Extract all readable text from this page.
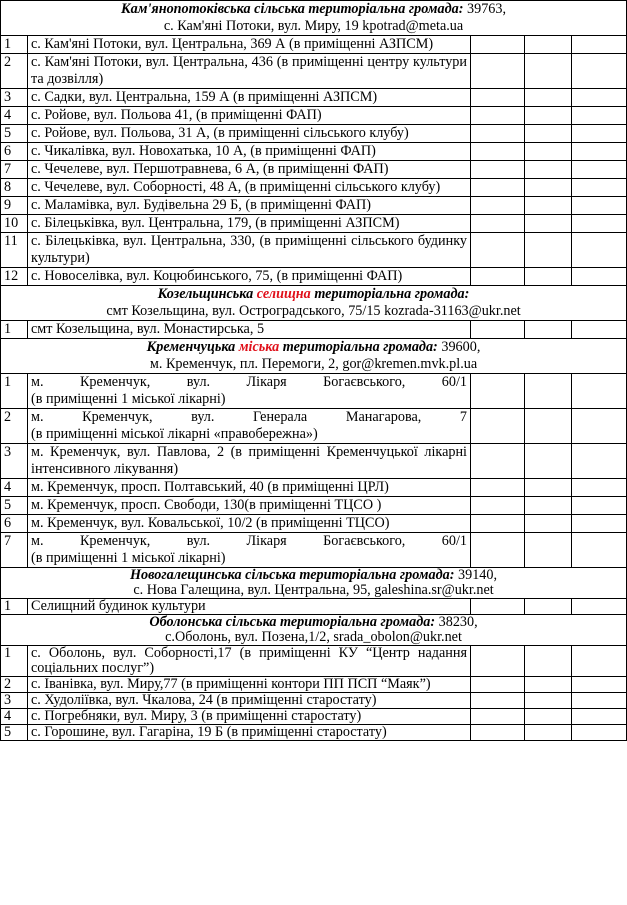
Кам'янопотоківська сільська територіальна громада: 39763,
с. Кам'яні Потоки, вул. Миру, 19 kpotrad@meta.ua				

1	с. Кам'яні Потоки, вул. Центральна, 369 А (в приміщенні АЗПСМ)			
2	с. Кам'яні Потоки, вул. Центральна, 436 (в приміщенні центру культури та дозвілля)			
3	с. Садки, вул. Центральна, 159 А (в приміщенні АЗПСМ)			
4	с. Ройове, вул. Польова 41, (в приміщенні ФАП)			
5	с. Ройове, вул. Польова, 31 А, (в приміщенні сільського клубу)			
6	с. Чикалівка, вул. Новохатька, 10 А, (в приміщенні ФАП)			
7	с. Чечелеве, вул. Першотравнева, 6 А, (в приміщенні ФАП)			
8	с. Чечелеве, вул. Соборності, 48 А, (в приміщенні сільського клубу)			
9	с. Маламівка, вул. Будівельна 29 Б, (в приміщенні ФАП)			
10	с. Білецьківка, вул. Центральна, 179, (в приміщенні АЗПСМ)			
11	с. Білецьківка, вул. Центральна, 330, (в приміщенні сільського будинку культури)			
12	с. Новоселівка, вул. Коцюбинського, 75, (в приміщенні ФАП)			
Козельщинська селищна територіальна громада:
смт Козельщина, вул. Остроградського, 75/15 kozrada-31163@ukr.net				

1	смт Козельщина, вул. Монастирська, 5			
Кременчуцька міська територіальна громада: 39600,
м. Кременчук, пл. Перемоги, 2, gor@kremen.mvk.pl.ua				

1	м. Кременчук, вул. Лікаря Богаєвського, 60/1
(в приміщенні 1 міської лікарні)			

2	м. Кременчук, вул. Генерала Манагарова, 7
(в приміщенні міської лікарні «правобережна»)			

3	м. Кременчук, вул. Павлова, 2 (в приміщенні Кременчуцької лікарні інтенсивного лікування)			
4	м. Кременчук, просп. Полтавський, 40 (в приміщенні ЦРЛ)			
5	м. Кременчук, просп. Свободи, 130(в приміщенні ТЦСО )			
6	м. Кременчук, вул. Ковальської, 10/2 (в приміщенні ТЦСО)			
7	м. Кременчук, вул. Лікаря Богаєвського, 60/1
(в приміщенні 1 міської лікарні)			

Новогалещинська сільська територіальна громада: 39140,
с. Нова Галещина, вул. Центральна, 95, galeshina.sr@ukr.net				

1	Селищний будинок культури			
Оболонська сільська територіальна громада: 38230,
с.Оболонь, вул. Позена,1/2, srada_obolon@ukr.net				

1	с. Оболонь, вул. Соборності,17 (в приміщенні КУ “Центр надання соціальних послуг”)			
2	с. Іванівка, вул. Миру,77 (в приміщенні контори ПП ПСП “Маяк”)			
3	с. Худоліївка, вул. Чкалова, 24 (в приміщенні старостату)			
4	с. Погребняки, вул. Миру, 3 (в приміщенні старостату)			
5	с. Горошине, вул. Гагаріна, 19 Б (в приміщенні старостату)			
